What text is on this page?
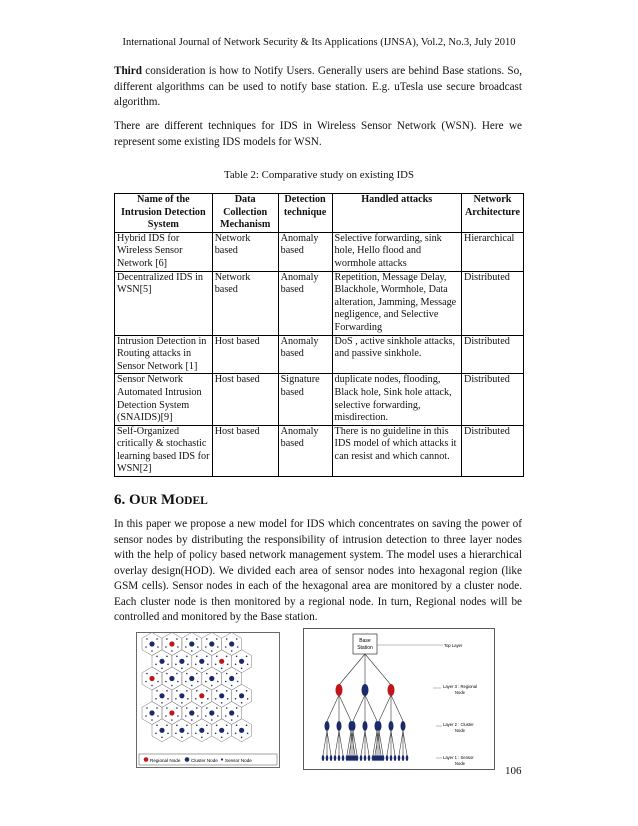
International Journal of Network Security & Its Applications (IJNSA), Vol.2, No.3, July 2010

Third consideration is how to Notify Users. Generally users are behind Base stations. So, different algorithms can be used to notify base station. E.g. uTesla use secure broadcast algorithm.

There are different techniques for IDS in Wireless Sensor Network (WSN). Here we represent some existing IDS models for WSN.

Table 2: Comparative study on existing IDS
Name of the Intrusion Detection System	Data Collection Mechanism	Detection technique	Handled attacks	Network Architecture
Hybrid IDS for Wireless Sensor Network [6]	Network based	Anomaly based	Selective forwarding, sink hole, Hello flood and wormhole attacks	Hierarchical
Decentralized IDS in WSN[5]	Network based	Anomaly based	Repetition, Message Delay, Blackhole, Wormhole, Data alteration, Jamming, Message negligence, and Selective Forwarding	Distributed
Intrusion Detection in Routing attacks in Sensor Network [1]	Host based	Anomaly based	DoS , active sinkhole attacks, and passive sinkhole.	Distributed
Sensor Network Automated Intrusion Detection System (SNAIDS)[9]	Host based	Signature based	duplicate nodes, flooding, Black hole, Sink hole attack, selective forwarding, misdirection.	Distributed
Self-Organized critically & stochastic learning based IDS for WSN[2]	Host based	Anomaly based	There is no guideline in this IDS model of which attacks it can resist and which cannot.	Distributed
6. OUR MODEL

In this paper we propose a new model for IDS which concentrates on saving the power of sensor nodes by distributing the responsibility of intrusion detection to three layer nodes with the help of policy based network management system. The model uses a hierarchical overlay design(HOD). We divided each area of sensor nodes into hexagonal region (like GSM cells). Sensor nodes in each of the hexagonal area are monitored by a cluster node. Each cluster node is then monitored by a regional node. In turn, Regional nodes will be controlled and monitored by the Base station.

Regional Node Cluster Node Sensor Node
Base
Station	Top Layer
Layer 3 : Regional
Node
Layer 2 : Cluster
Node
Layer 1 : Sensor
Node
106
